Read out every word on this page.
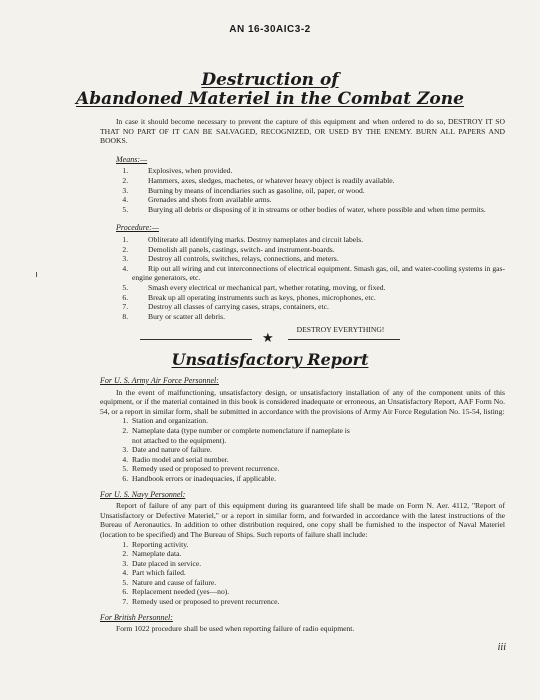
AN 16-30AIC3-2
Destruction of
Abandoned Materiel in the Combat Zone

In case it should become necessary to prevent the capture of this equipment and when ordered to do so, DESTROY IT SO THAT NO PART OF IT CAN BE SALVAGED, RECOGNIZED, OR USED BY THE ENEMY. BURN ALL PAPERS AND BOOKS.

Means:—

1. Explosives, when provided.
2. Hammers, axes, sledges, machetes, or whatever heavy object is readily available.
3. Burning by means of incendiaries such as gasoline, oil, paper, or wood.
4. Grenades and shots from available arms.
5. Burying all debris or disposing of it in streams or other bodies of water, where possible and when time permits.

Procedure:—

1. Obliterate all identifying marks. Destroy nameplates and circuit labels.
2. Demolish all panels, castings, switch- and instrument-boards.
3. Destroy all controls, switches, relays, connections, and meters.
4. Rip out all wiring and cut interconnections of electrical equipment. Smash gas, oil, and water-cooling systems in gas-engine generators, etc.
5. Smash every electrical or mechanical part, whether rotating, moving, or fixed.
6. Break up all operating instruments such as keys, phones, microphones, etc.
7. Destroy all classes of carrying cases, straps, containers, etc.
8. Bury or scatter all debris.

DESTROY EVERYTHING!

★
Unsatisfactory Report

For U. S. Army Air Force Personnel:

In the event of malfunctioning, unsatisfactory design, or unsatisfactory installation of any of the component units of this equipment, or if the material contained in this book is considered inadequate or erroneous, an Unsatisfactory Report, AAF Form No. 54, or a report in similar form, shall be submitted in accordance with the provisions of Army Air Force Regulation No. 15-54, listing:

1. Station and organization.
2. Nameplate data (type number or complete nomenclature if nameplate is not attached to the equipment).
3. Date and nature of failure.
4. Radio model and serial number.
5. Remedy used or proposed to prevent recurrence.
6. Handbook errors or inadequacies, if applicable.

For U. S. Navy Personnel:

Report of failure of any part of this equipment during its guaranteed life shall be made on Form N. Aer. 4112, "Report of Unsatisfactory or Defective Materiel," or a report in similar form, and forwarded in accordance with the latest instructions of the Bureau of Aeronautics. In addition to other distribution required, one copy shall be furnished to the inspector of Naval Materiel (location to be specified) and The Bureau of Ships. Such reports of failure shall include:

1. Reporting activity.
2. Nameplate data.
3. Date placed in service.
4. Part which failed.
5. Nature and cause of failure.
6. Replacement needed (yes—no).
7. Remedy used or proposed to prevent recurrence.

For British Personnel:

Form 1022 procedure shall be used when reporting failure of radio equipment.

iii
